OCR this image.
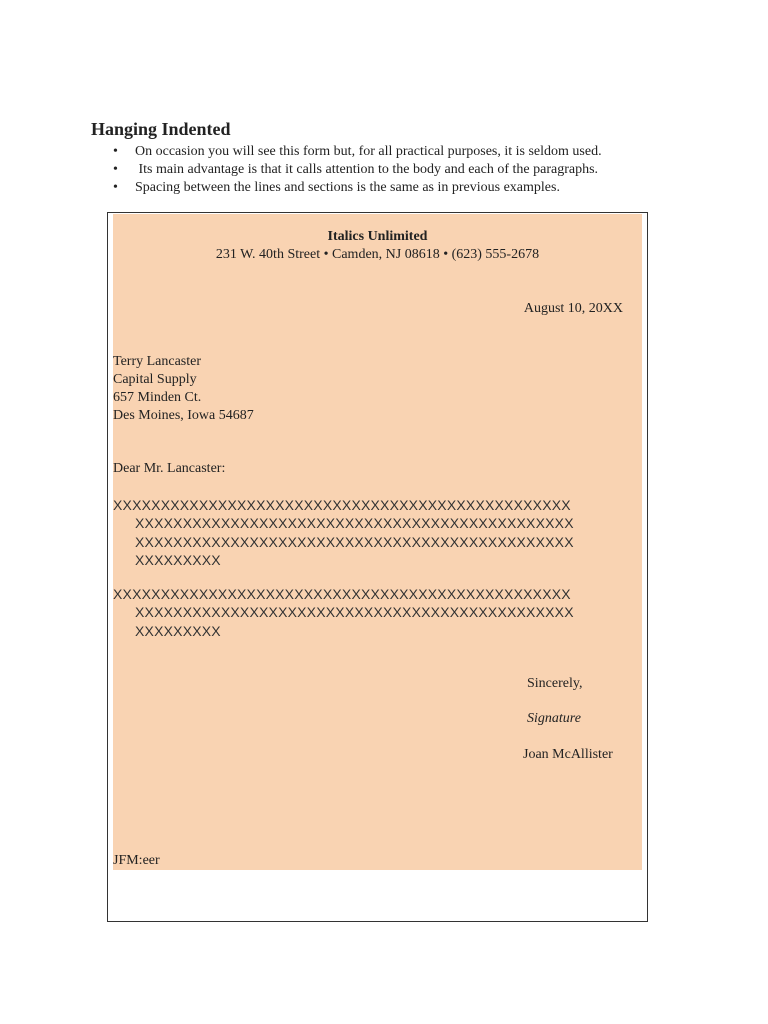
Hanging Indented
• On occasion you will see this form but, for all practical purposes, it is seldom used.
• Its main advantage is that it calls attention to the body and each of the paragraphs.
• Spacing between the lines and sections is the same as in previous examples.
Italics Unlimited
231 W. 40th Street • Camden, NJ 08618 • (623) 555-2678
August 10, 20XX
Terry Lancaster
Capital Supply
657 Minden Ct.
Des Moines, Iowa 54687
Dear Mr. Lancaster:
XXXXXXXXXXXXXXXXXXXXXXXXXXXXXXXXXXXXXXXXXXXXXXXX
XXXXXXXXXXXXXXXXXXXXXXXXXXXXXXXXXXXXXXXXXXXXXX
XXXXXXXXXXXXXXXXXXXXXXXXXXXXXXXXXXXXXXXXXXXXXX
XXXXXXXXX
XXXXXXXXXXXXXXXXXXXXXXXXXXXXXXXXXXXXXXXXXXXXXXXX
XXXXXXXXXXXXXXXXXXXXXXXXXXXXXXXXXXXXXXXXXXXXXX
XXXXXXXXX
Sincerely,
Signature
Joan McAllister
JFM:eer
